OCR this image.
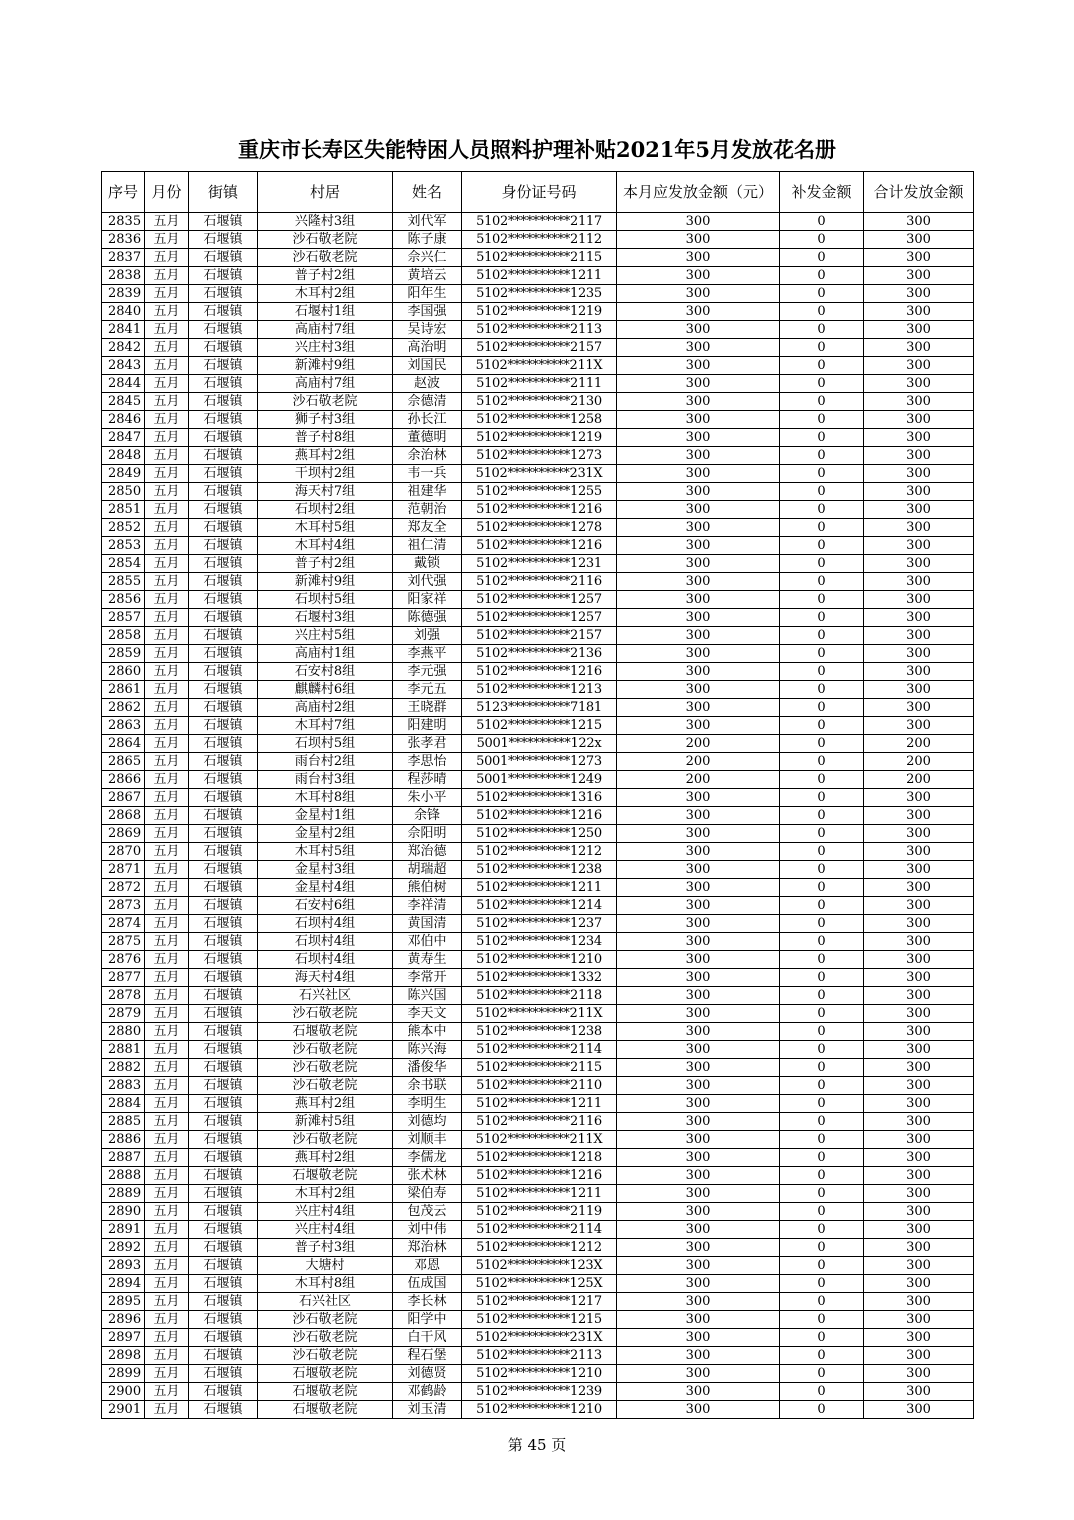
重庆市长寿区失能特困人员照料护理补贴2021年5月发放花名册
序号	月份	街镇	村居	姓名	身份证号码	本月应发放金额（元）	补发金额	合计发放金额
2835	五月	石堰镇	兴隆村3组	刘代军	5102**********2117	300	0	300
2836	五月	石堰镇	沙石敬老院	陈子康	5102**********2112	300	0	300
2837	五月	石堰镇	沙石敬老院	佘兴仁	5102**********2115	300	0	300
2838	五月	石堰镇	普子村2组	黄培云	5102**********1211	300	0	300
2839	五月	石堰镇	木耳村2组	阳年生	5102**********1235	300	0	300
2840	五月	石堰镇	石堰村1组	李国强	5102**********1219	300	0	300
2841	五月	石堰镇	高庙村7组	吴诗宏	5102**********2113	300	0	300
2842	五月	石堰镇	兴庄村3组	高治明	5102**********2157	300	0	300
2843	五月	石堰镇	新滩村9组	刘国民	5102**********211X	300	0	300
2844	五月	石堰镇	高庙村7组	赵波	5102**********2111	300	0	300
2845	五月	石堰镇	沙石敬老院	佘德清	5102**********2130	300	0	300
2846	五月	石堰镇	狮子村3组	孙长江	5102**********1258	300	0	300
2847	五月	石堰镇	普子村8组	董德明	5102**********1219	300	0	300
2848	五月	石堰镇	燕耳村2组	余治林	5102**********1273	300	0	300
2849	五月	石堰镇	干坝村2组	韦一兵	5102**********231X	300	0	300
2850	五月	石堰镇	海天村7组	祖建华	5102**********1255	300	0	300
2851	五月	石堰镇	石坝村2组	范朝治	5102**********1216	300	0	300
2852	五月	石堰镇	木耳村5组	郑友全	5102**********1278	300	0	300
2853	五月	石堰镇	木耳村4组	祖仁清	5102**********1216	300	0	300
2854	五月	石堰镇	普子村2组	戴锁	5102**********1231	300	0	300
2855	五月	石堰镇	新滩村9组	刘代强	5102**********2116	300	0	300
2856	五月	石堰镇	石坝村5组	阳家祥	5102**********1257	300	0	300
2857	五月	石堰镇	石堰村3组	陈德强	5102**********1257	300	0	300
2858	五月	石堰镇	兴庄村5组	刘强	5102**********2157	300	0	300
2859	五月	石堰镇	高庙村1组	李燕平	5102**********2136	300	0	300
2860	五月	石堰镇	石安村8组	李元强	5102**********1216	300	0	300
2861	五月	石堰镇	麒麟村6组	李元五	5102**********1213	300	0	300
2862	五月	石堰镇	高庙村2组	王晓群	5123**********7181	300	0	300
2863	五月	石堰镇	木耳村7组	阳建明	5102**********1215	300	0	300
2864	五月	石堰镇	石坝村5组	张孝君	5001**********122x	200	0	200
2865	五月	石堰镇	雨台村2组	李思怡	5001**********1273	200	0	200
2866	五月	石堰镇	雨台村3组	程莎晴	5001**********1249	200	0	200
2867	五月	石堰镇	木耳村8组	朱小平	5102**********1316	300	0	300
2868	五月	石堰镇	金星村1组	余锋	5102**********1216	300	0	300
2869	五月	石堰镇	金星村2组	佘阳明	5102**********1250	300	0	300
2870	五月	石堰镇	木耳村5组	郑治德	5102**********1212	300	0	300
2871	五月	石堰镇	金星村3组	胡瑞超	5102**********1238	300	0	300
2872	五月	石堰镇	金星村4组	熊伯树	5102**********1211	300	0	300
2873	五月	石堰镇	石安村6组	李祥清	5102**********1214	300	0	300
2874	五月	石堰镇	石坝村4组	黄国清	5102**********1237	300	0	300
2875	五月	石堰镇	石坝村4组	邓伯中	5102**********1234	300	0	300
2876	五月	石堰镇	石坝村4组	黄寿生	5102**********1210	300	0	300
2877	五月	石堰镇	海天村4组	李常开	5102**********1332	300	0	300
2878	五月	石堰镇	石兴社区	陈兴国	5102**********2118	300	0	300
2879	五月	石堰镇	沙石敬老院	李天文	5102**********211X	300	0	300
2880	五月	石堰镇	石堰敬老院	熊本中	5102**********1238	300	0	300
2881	五月	石堰镇	沙石敬老院	陈兴海	5102**********2114	300	0	300
2882	五月	石堰镇	沙石敬老院	潘俊华	5102**********2115	300	0	300
2883	五月	石堰镇	沙石敬老院	余书联	5102**********2110	300	0	300
2884	五月	石堰镇	燕耳村2组	李明生	5102**********1211	300	0	300
2885	五月	石堰镇	新滩村5组	刘德均	5102**********2116	300	0	300
2886	五月	石堰镇	沙石敬老院	刘顺丰	5102**********211X	300	0	300
2887	五月	石堰镇	燕耳村2组	李儒龙	5102**********1218	300	0	300
2888	五月	石堰镇	石堰敬老院	张术林	5102**********1216	300	0	300
2889	五月	石堰镇	木耳村2组	梁伯寿	5102**********1211	300	0	300
2890	五月	石堰镇	兴庄村4组	包茂云	5102**********2119	300	0	300
2891	五月	石堰镇	兴庄村4组	刘中伟	5102**********2114	300	0	300
2892	五月	石堰镇	普子村3组	郑治林	5102**********1212	300	0	300
2893	五月	石堰镇	大塘村	邓恩	5102**********123X	300	0	300
2894	五月	石堰镇	木耳村8组	伍成国	5102**********125X	300	0	300
2895	五月	石堰镇	石兴社区	李长林	5102**********1217	300	0	300
2896	五月	石堰镇	沙石敬老院	阳学中	5102**********1215	300	0	300
2897	五月	石堰镇	沙石敬老院	白干风	5102**********231X	300	0	300
2898	五月	石堰镇	沙石敬老院	程石堡	5102**********2113	300	0	300
2899	五月	石堰镇	石堰敬老院	刘德贤	5102**********1210	300	0	300
2900	五月	石堰镇	石堰敬老院	邓鹤龄	5102**********1239	300	0	300
2901	五月	石堰镇	石堰敬老院	刘玉清	5102**********1210	300	0	300
第 45 页
